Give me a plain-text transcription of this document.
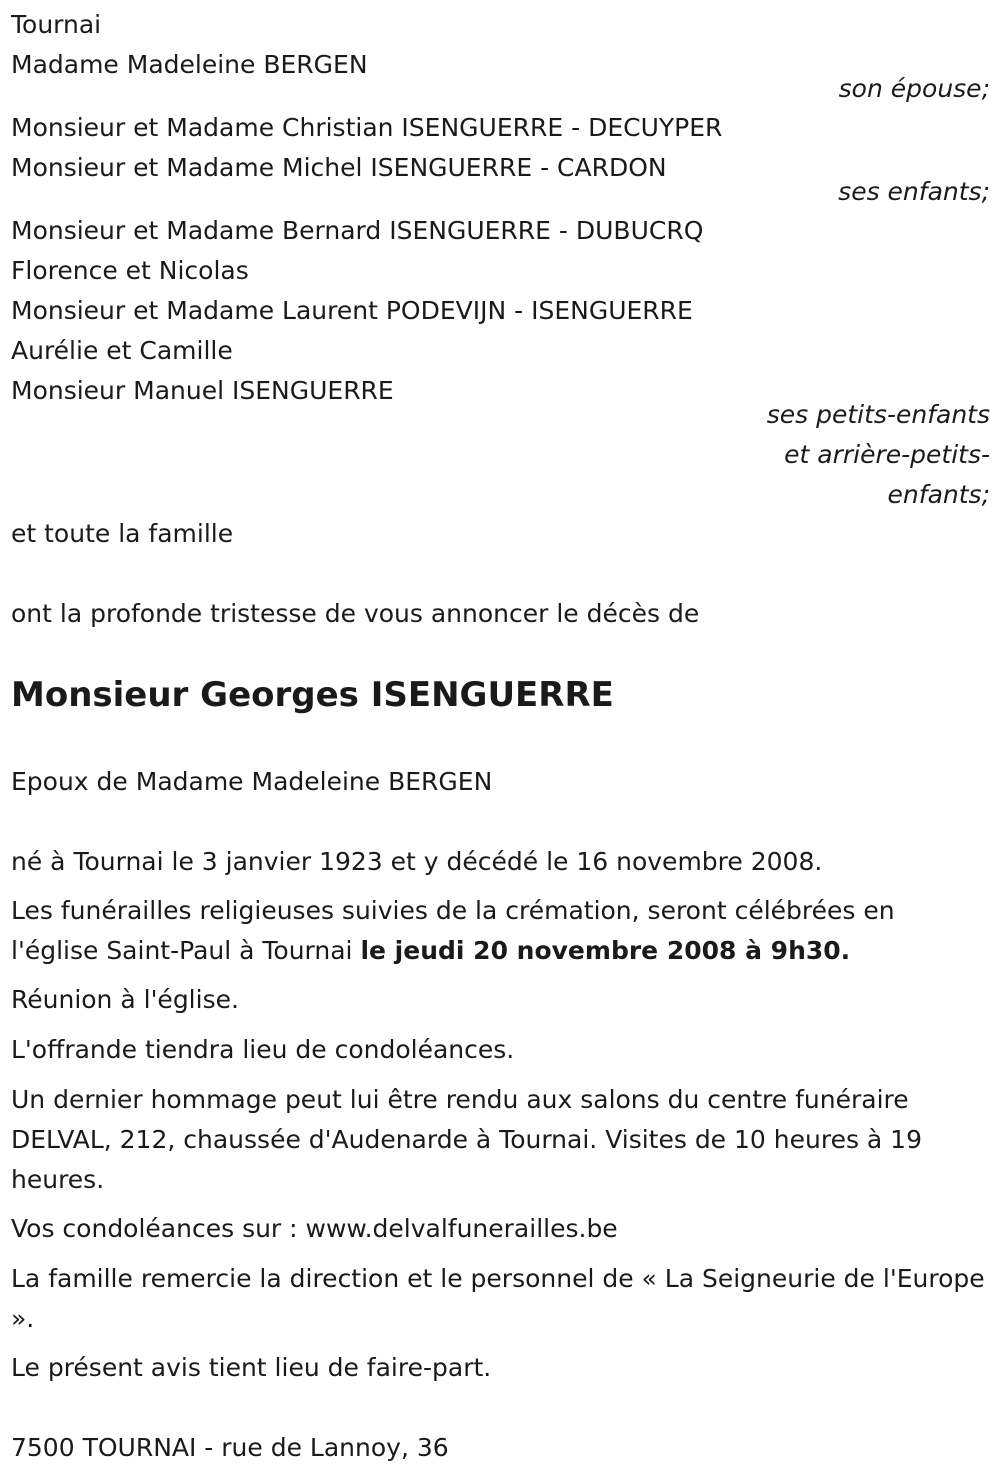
Tournai
Madame Madeleine BERGEN
son épouse;
Monsieur et Madame Christian ISENGUERRE - DECUYPER
Monsieur et Madame Michel ISENGUERRE - CARDON
ses enfants;
Monsieur et Madame Bernard ISENGUERRE - DUBUCRQ
Florence et Nicolas
Monsieur et Madame Laurent PODEVIJN - ISENGUERRE
Aurélie et Camille
Monsieur Manuel ISENGUERRE
ses petits-enfants
et arrière-petits-
enfants;
et toute la famille
ont la profonde tristesse de vous annoncer le décès de
Monsieur Georges ISENGUERRE
Epoux de Madame Madeleine BERGEN
né à Tournai le 3 janvier 1923 et y décédé le 16 novembre 2008.
Les funérailles religieuses suivies de la crémation, seront célébrées en l'église Saint-Paul à Tournai le jeudi 20 novembre 2008 à 9h30.
Réunion à l'église.
L'offrande tiendra lieu de condoléances.
Un dernier hommage peut lui être rendu aux salons du centre funéraire DELVAL, 212, chaussée d'Audenarde à Tournai. Visites de 10 heures à 19 heures.
Vos condoléances sur : www.delvalfunerailles.be
La famille remercie la direction et le personnel de « La Seigneurie de l'Europe ».
Le présent avis tient lieu de faire-part.
7500 TOURNAI - rue de Lannoy, 36
